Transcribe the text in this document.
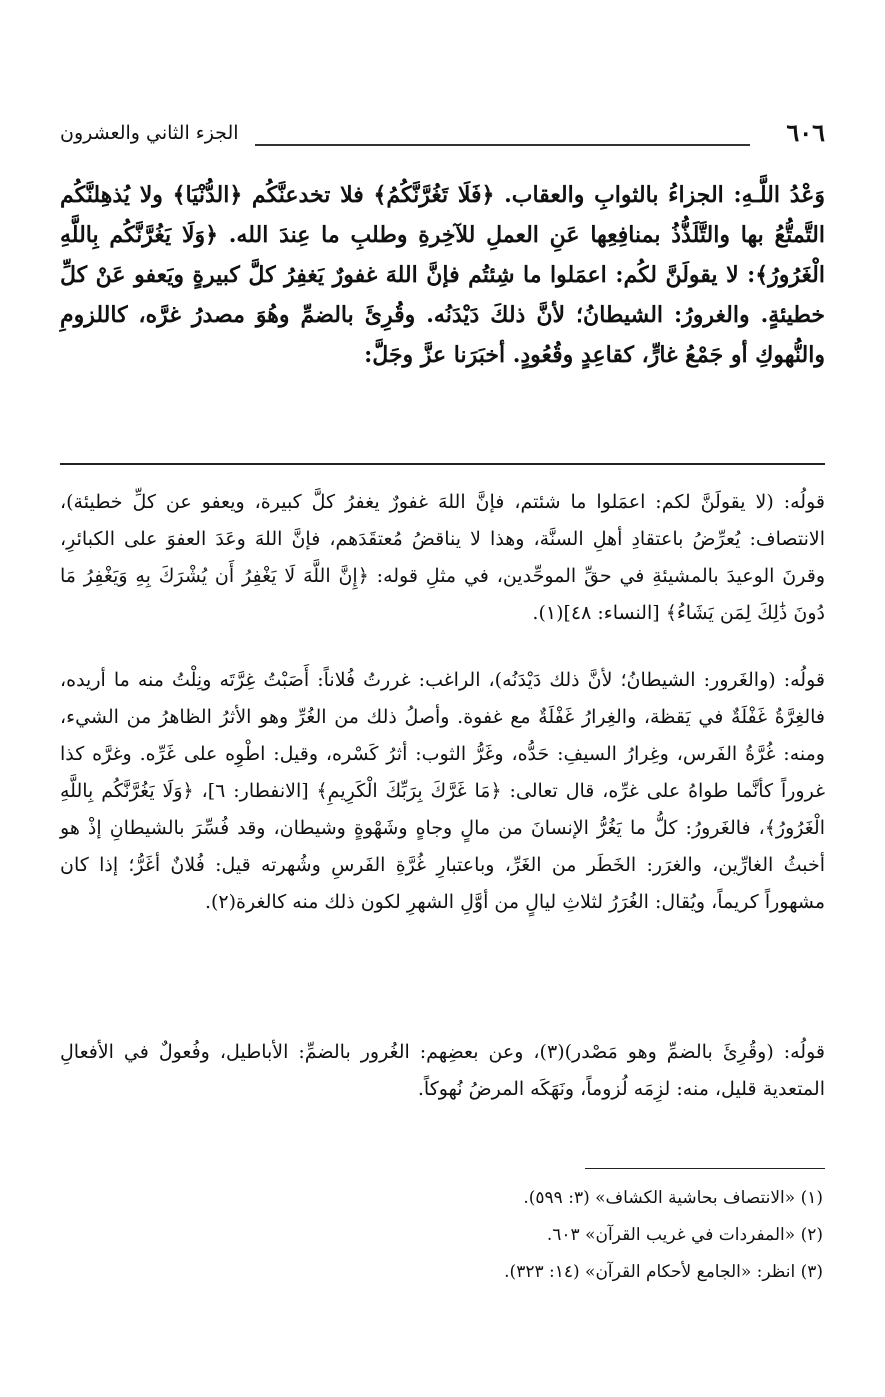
٦٠٦
الجزء الثاني والعشرون

وَعْدُ اللَّـهِ: الجزاءُ بالثوابِ والعقاب. ﴿فَلَا تَغُرَّنَّكُمُ﴾ فلا تخدعنَّكُم ﴿الدُّنْيَا﴾ ولا يُذهِلنَّكُم التَّمتُّعُ بها والتَّلَذُّذُ بمنافِعِها عَنِ العملِ للآخِرةِ وطلبِ ما عِندَ الله. ﴿وَلَا يَغُرَّنَّكُم بِاللَّهِ الْغَرُورُ﴾: لا يقولَنَّ لكُم: اعمَلوا ما شِئتُم فإنَّ اللهَ غفورٌ يَغفِرُ كلَّ كبيرةٍ ويَعفو عَنْ كلِّ خطيئةٍ. والغرورُ: الشيطانُ؛ لأنَّ ذلكَ دَيْدَنُه. وقُرِئَ بالضمِّ وهُوَ مصدرُ غرَّه، كاللزومِ والنُّهوكِ أو جَمْعُ غارٍّ، كقاعِدٍ وقُعُودٍ. أخبَرَنا عزَّ وجَلَّ:

قولُه: (لا يقولَنَّ لكم: اعمَلوا ما شئتم، فإنَّ اللهَ غفورٌ يغفرُ كلَّ كبيرة، ويعفو عن كلِّ خطيئة)، الانتصاف: يُعرِّضُ باعتقادِ أهلِ السنَّة، وهذا لا يناقضُ مُعتقَدَهم، فإنَّ اللهَ وعَدَ العفوَ على الكبائرِ، وقرنَ الوعيدَ بالمشيئةِ في حقِّ الموحِّدين، في مثلِ قوله: ﴿إِنَّ اللَّهَ لَا يَغْفِرُ أَن يُشْرَكَ بِهِ وَيَغْفِرُ مَا دُونَ ذَٰلِكَ لِمَن يَشَاءُ﴾ [النساء: ٤٨](١).

قولُه: (والغَرور: الشيطانُ؛ لأنَّ ذلك دَيْدَنُه)، الراغب: غررتُ فُلاناً: أَصَبْتُ غِرَّتَه ونِلْتُ منه ما أريده، فالغِرَّةُ غَفْلَةٌ في يَقظة، والغِرارُ غَفْلَةٌ مع غفوة. وأصلُ ذلك من الغُرِّ وهو الأثرُ الظاهرُ من الشيء، ومنه: غُرَّةُ الفَرس، وغِرارُ السيفِ: حَدُّه، وغَرُّ الثوب: أثرُ كَسْره، وقيل: اطْوِه على غَرِّه. وغرَّه كذا غروراً كأنَّما طواهُ على غرِّه، قال تعالى: ﴿مَا غَرَّكَ بِرَبِّكَ الْكَرِيمِ﴾ [الانفطار: ٦]، ﴿وَلَا يَغُرَّنَّكُم بِاللَّهِ الْغَرُورُ﴾، فالغَرورُ: كلُّ ما يَغُرُّ الإنسانَ من مالٍ وجاهٍ وشَهْوةٍ وشيطان، وقد فُسِّرَ بالشيطانِ إذْ هو أخبثُ الغارِّين، والغرَر: الخَطَر من الغَرِّ، وباعتبارِ غُرَّةِ الفَرسِ وشُهرته قيل: فُلانٌ أغَرُّ؛ إذا كان مشهوراً كريماً، ويُقال: الغُرَرُ لثلاثِ ليالٍ من أوَّلِ الشهرِ لكون ذلك منه كالغرة(٢).

قولُه: (وقُرِئَ بالضمِّ وهو مَصْدر)(٣)، وعن بعضِهم: الغُرور بالضمِّ: الأباطيل، وفُعولٌ في الأفعالِ المتعدية قليل، منه: لزِمَه لُزوماً، ونَهَكَه المرضُ نُهوكاً.

(١) «الانتصاف بحاشية الكشاف» (٣: ٥٩٩).
(٢) «المفردات في غريب القرآن» ٦٠٣.
(٣) انظر: «الجامع لأحكام القرآن» (١٤: ٣٢٣).
